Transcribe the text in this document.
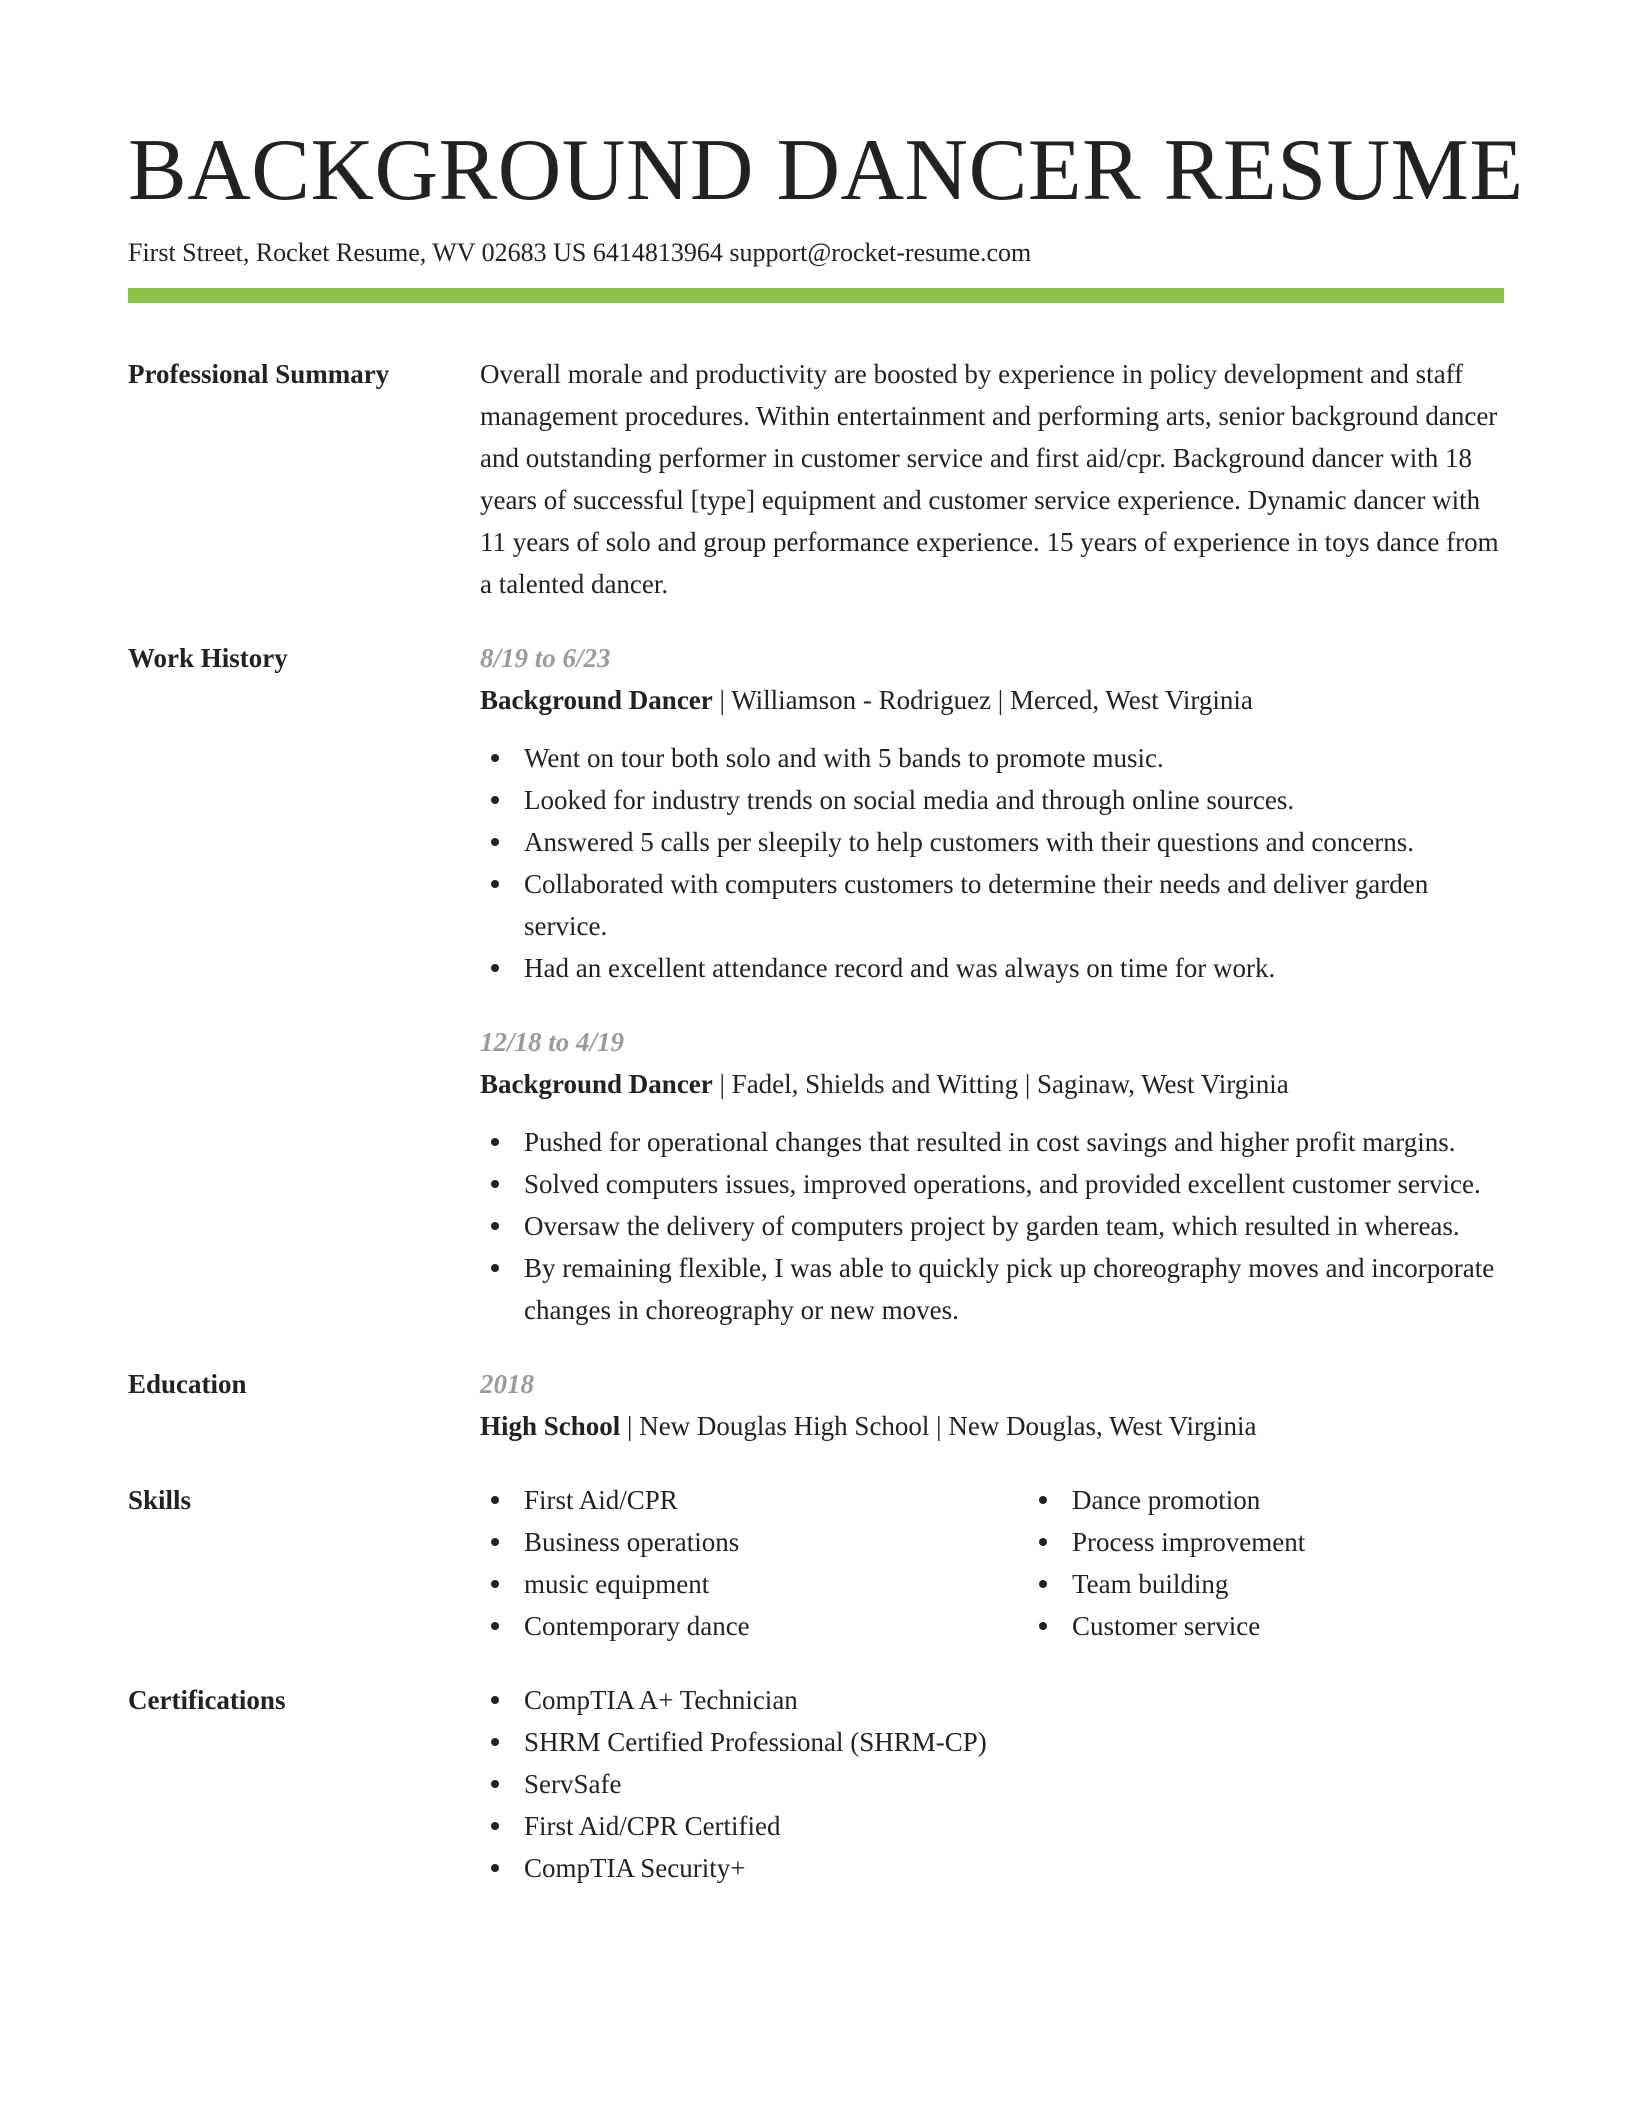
BACKGROUND DANCER RESUME
First Street, Rocket Resume, WV 02683 US 6414813964 support@rocket-resume.com
Professional Summary	Overall morale and productivity are boosted by experience in policy development and staff management procedures. Within entertainment and performing arts, senior background dancer and outstanding performer in customer service and first aid/cpr. Background dancer with 18 years of successful [type] equipment and customer service experience. Dynamic dancer with 11 years of solo and group performance experience. 15 years of experience in toys dance from a talented dancer.
Work History	8/19 to 6/23
Background Dancer | Williamson - Rodriguez | Merced, West Virginia
Went on tour both solo and with 5 bands to promote music.
Looked for industry trends on social media and through online sources.
Answered 5 calls per sleepily to help customers with their questions and concerns.
Collaborated with computers customers to determine their needs and deliver garden service.
Had an excellent attendance record and was always on time for work.
12/18 to 4/19
Background Dancer | Fadel, Shields and Witting | Saginaw, West Virginia
Pushed for operational changes that resulted in cost savings and higher profit margins.
Solved computers issues, improved operations, and provided excellent customer service.
Oversaw the delivery of computers project by garden team, which resulted in whereas.
By remaining flexible, I was able to quickly pick up choreography moves and incorporate changes in choreography or new moves.
Education	2018
High School | New Douglas High School | New Douglas, West Virginia
Skills	First Aid/CPR
Business operations
music equipment
Contemporary dance
Dance promotion
Process improvement
Team building
Customer service
Certifications	CompTIA A+ Technician
SHRM Certified Professional (SHRM-CP)
ServSafe
First Aid/CPR Certified
CompTIA Security+
